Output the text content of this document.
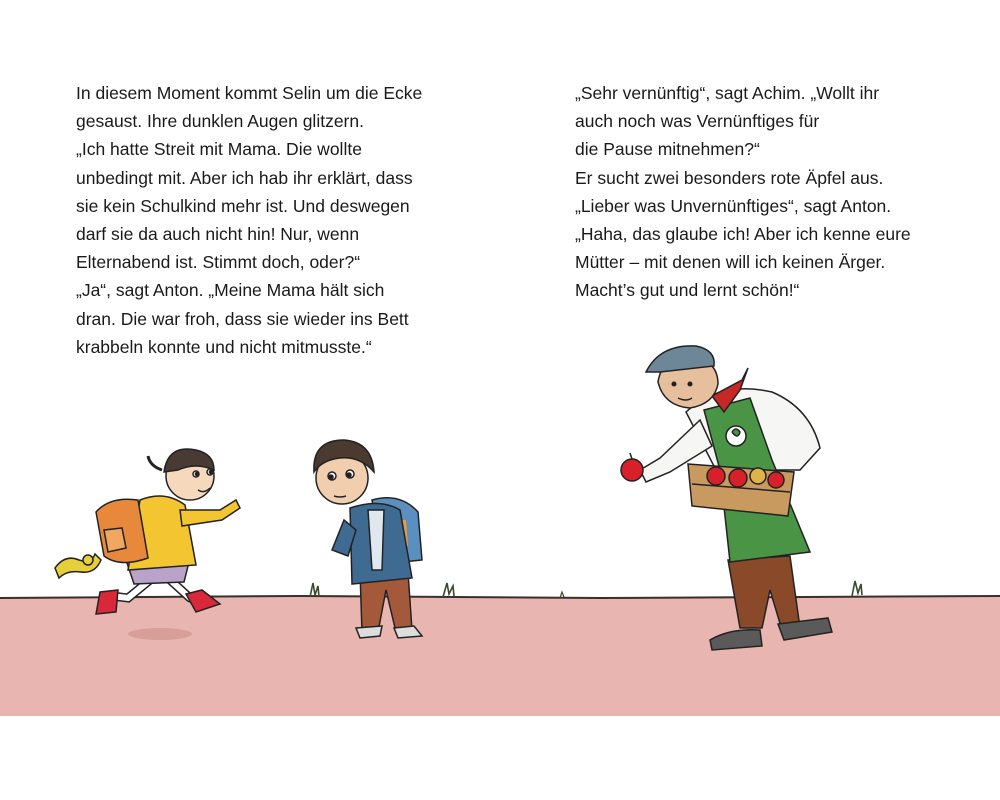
In diesem Moment kommt Selin um die Ecke

gesaust. Ihre dunklen Augen glitzern.

„Ich hatte Streit mit Mama. Die wollte

unbedingt mit. Aber ich hab ihr erklärt, dass

sie kein Schulkind mehr ist. Und deswegen

darf sie da auch nicht hin! Nur, wenn

Elternabend ist. Stimmt doch, oder?“

„Ja“, sagt Anton. „Meine Mama hält sich

dran. Die war froh, dass sie wieder ins Bett

krabbeln konnte und nicht mitmusste.“

„Sehr vernünftig“, sagt Achim. „Wollt ihr

auch noch was Vernünftiges für

die Pause mitnehmen?“

Er sucht zwei besonders rote Äpfel aus.

„Lieber was Unvernünftiges“, sagt Anton.

„Haha, das glaube ich! Aber ich kenne eure

Mütter – mit denen will ich keinen Ärger.

Macht’s gut und lernt schön!“
